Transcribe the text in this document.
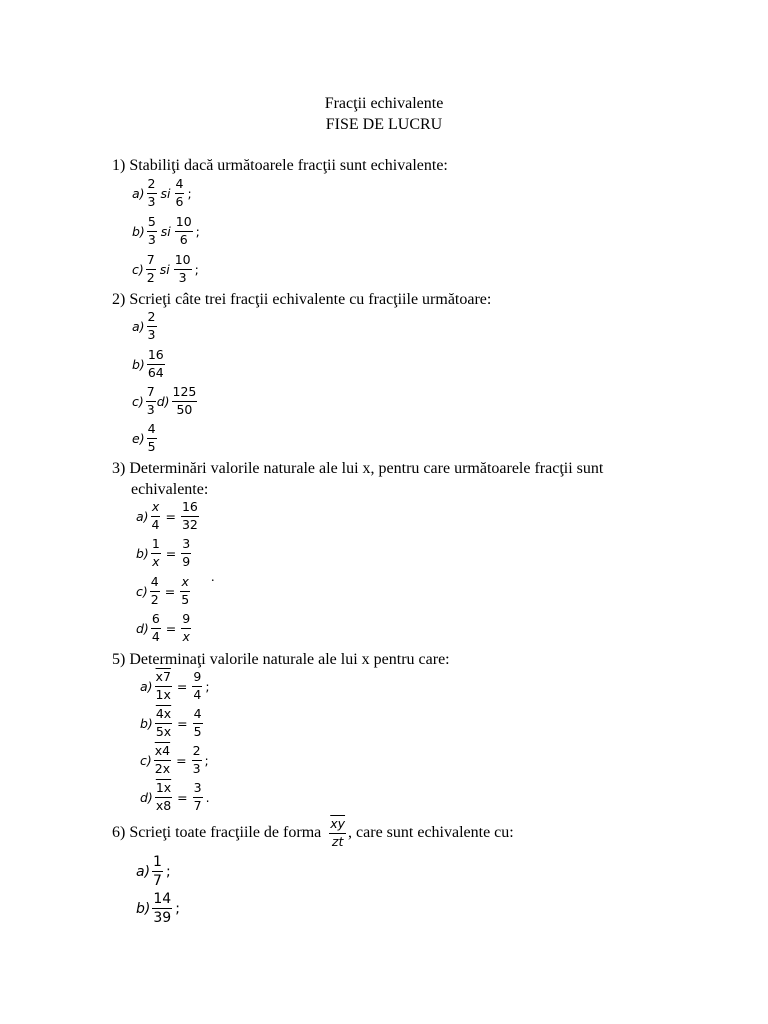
Fracţii echivalente
FISE DE LUCRU
1) Stabiliţi dacă următoarele fracţii sunt echivalente:
$a) \frac{2}{3}$ si $\frac{4}{6}$ ;
$b) \frac{5}{3}$ si $\frac{10}{6}$ ;
$c) \frac{7}{2}$ si $\frac{10}{3}$ ;
2) Scrieţi câte trei fracţii echivalente cu fracţiile următoare:
$a) \frac{2}{3}$
$b) \frac{16}{64}$
$c) \frac{7}{3} d) \frac{125}{50}$
$e) \frac{4}{5}$
3) Determinări valorile naturale ale lui x, pentru care următoarele fracţii sunt
echivalente:
$a) \frac{x}{4} = \frac{16}{32}$
$b) \frac{1}{x} = \frac{3}{9}$
$c) \frac{4}{2} = \frac{x}{5}$ .
$d) \frac{6}{4} = \frac{9}{x}$
5) Determinaţi valorile naturale ale lui x pentru care:
$a) \frac{x7}{1x} = \frac{9}{4}$ ;
$b) \frac{4x}{5x} = \frac{4}{5}$
$c) \frac{x4}{2x} = \frac{2}{3}$ ;
$d) \frac{1x}{x8} = \frac{3}{7}$ .
6) Scrieţi toate fracţiile de forma $\frac{\overline{xy}}{zt}$ , care sunt echivalente cu:
$a) \frac{1}{7}$ ;
$b) \frac{14}{39}$ ;
